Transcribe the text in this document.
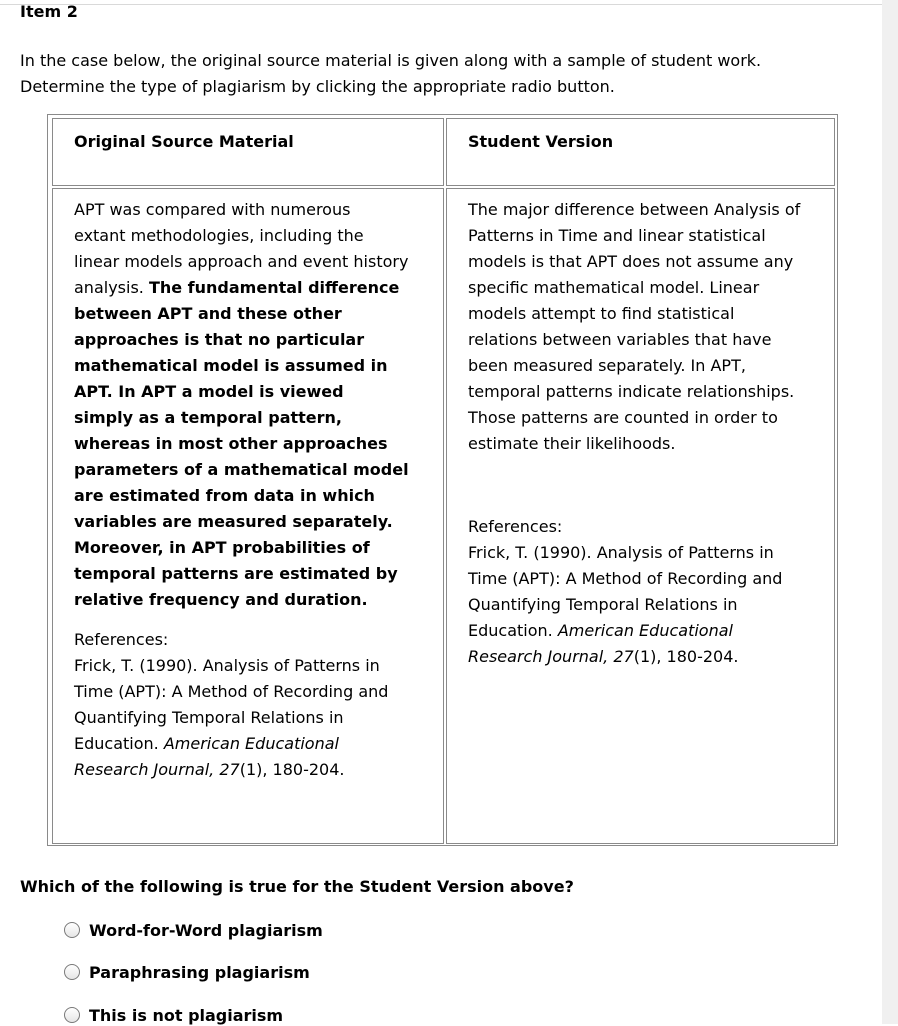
Item 2
In the case below, the original source material is given along with a sample of student work.
Determine the type of plagiarism by clicking the appropriate radio button.
Original Source Material	Student Version
APT was compared with numerous
extant methodologies, including the
linear models approach and event history
analysis. The fundamental difference
between APT and these other
approaches is that no particular
mathematical model is assumed in
APT. In APT a model is viewed
simply as a temporal pattern,
whereas in most other approaches
parameters of a mathematical model
are estimated from data in which
variables are measured separately.
Moreover, in APT probabilities of
temporal patterns are estimated by
relative frequency and duration.
References:
Frick, T. (1990). Analysis of Patterns in
Time (APT): A Method of Recording and
Quantifying Temporal Relations in
Education. American Educational
Research Journal, 27(1), 180-204.
The major difference between Analysis of
Patterns in Time and linear statistical
models is that APT does not assume any
specific mathematical model. Linear
models attempt to find statistical
relations between variables that have
been measured separately. In APT,
temporal patterns indicate relationships.
Those patterns are counted in order to
estimate their likelihoods.
References:
Frick, T. (1990). Analysis of Patterns in
Time (APT): A Method of Recording and
Quantifying Temporal Relations in
Education. American Educational
Research Journal, 27(1), 180-204.
Which of the following is true for the Student Version above?
Word-for-Word plagiarism
Paraphrasing plagiarism
This is not plagiarism
